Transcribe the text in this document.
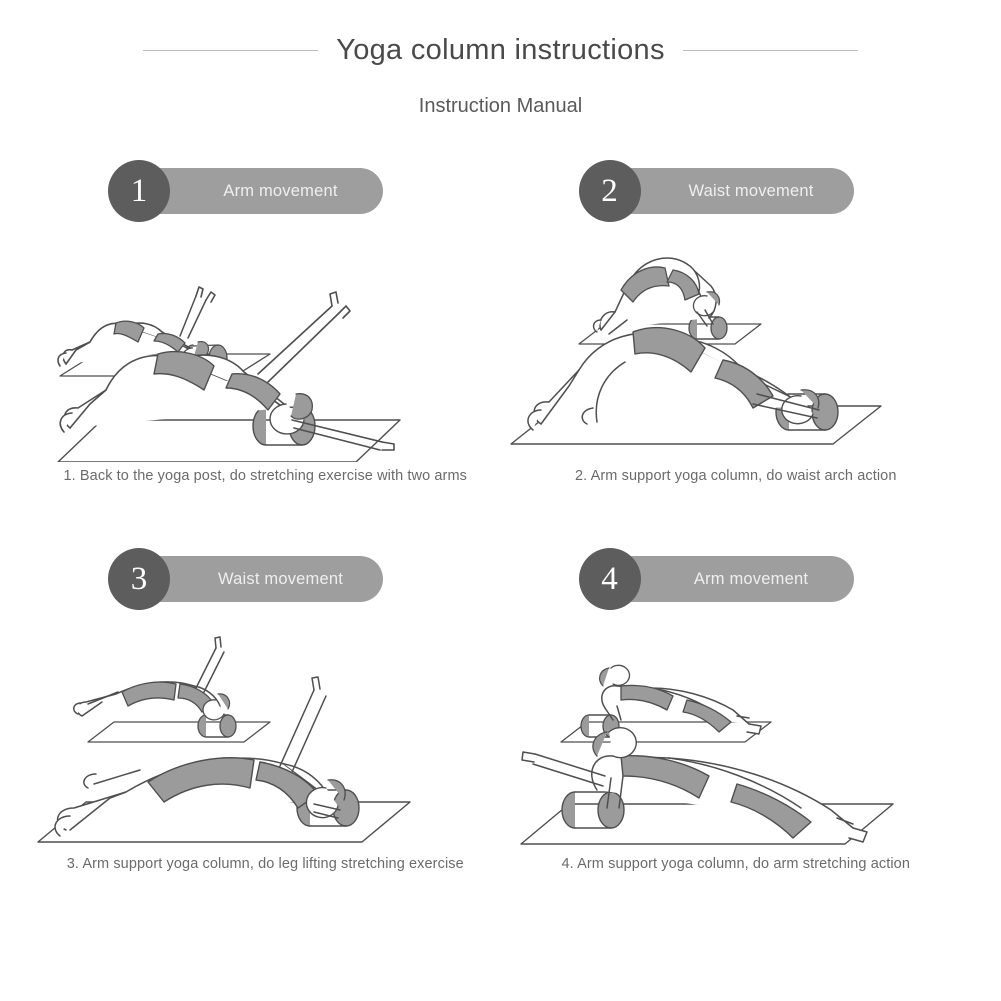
Yoga column instructions
Instruction Manual
Arm movement
1
1. Back to the yoga post, do stretching exercise with two arms
Waist movement
2
2. Arm support yoga column, do waist arch action
Waist movement
3
3. Arm support yoga column, do leg lifting stretching exercise
Arm movement
4
4. Arm support yoga column, do arm stretching action
